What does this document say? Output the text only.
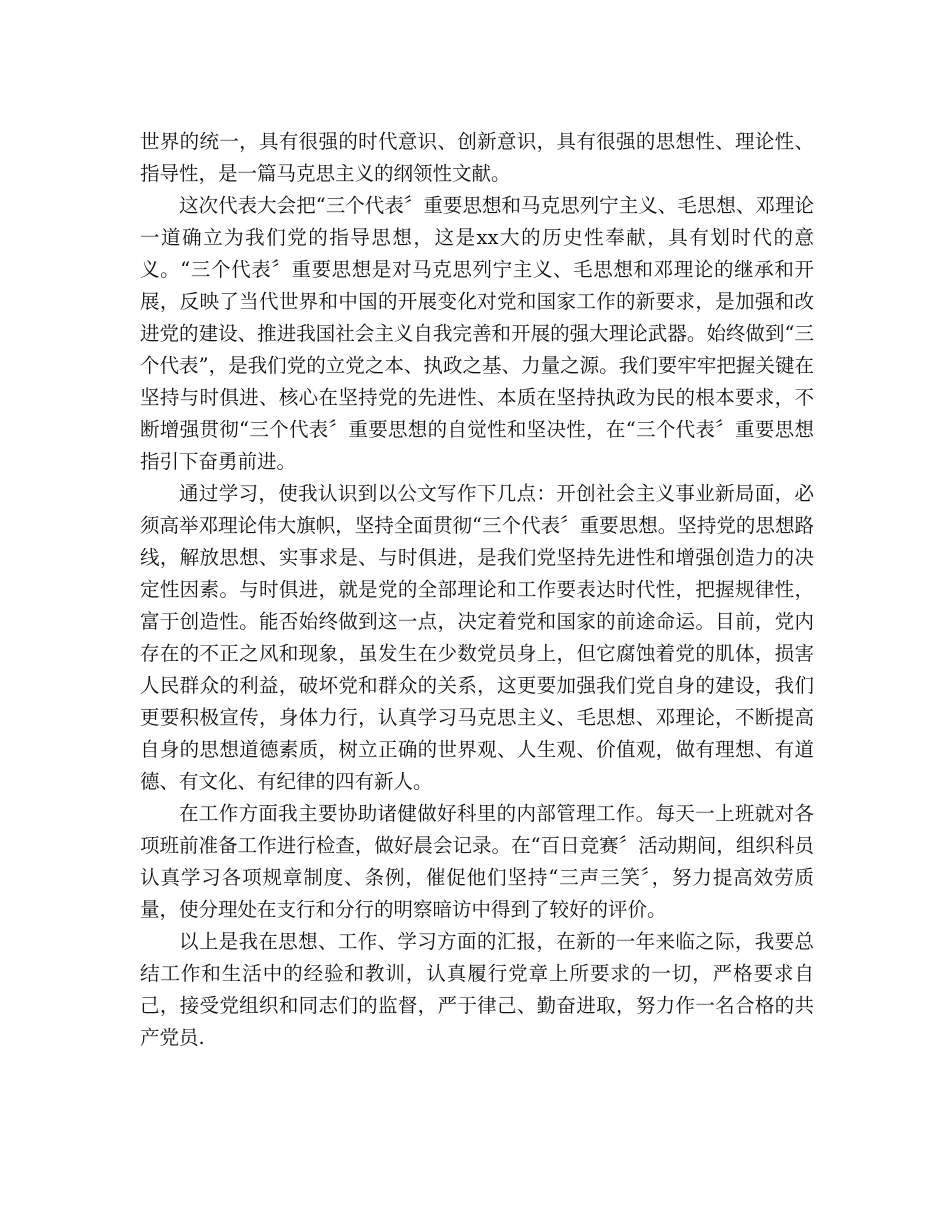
世界的统一，具有很强的时代意识、创新意识，具有很强的思想性、理论性、指导性，是一篇马克思主义的纲领性文献。

这次代表大会把“三个代表〞重要思想和马克思列宁主义、毛思想、邓理论一道确立为我们党的指导思想，这是xx大的历史性奉献，具有划时代的意义。“三个代表〞重要思想是对马克思列宁主义、毛思想和邓理论的继承和开展，反映了当代世界和中国的开展变化对党和国家工作的新要求，是加强和改进党的建设、推进我国社会主义自我完善和开展的强大理论武器。始终做到“三个代表”，是我们党的立党之本、执政之基、力量之源。我们要牢牢把握关键在坚持与时俱进、核心在坚持党的先进性、本质在坚持执政为民的根本要求，不断增强贯彻“三个代表〞重要思想的自觉性和坚决性，在“三个代表〞重要思想指引下奋勇前进。

通过学习，使我认识到以公文写作下几点：开创社会主义事业新局面，必须高举邓理论伟大旗帜，坚持全面贯彻“三个代表〞重要思想。坚持党的思想路线，解放思想、实事求是、与时俱进，是我们党坚持先进性和增强创造力的决定性因素。与时俱进，就是党的全部理论和工作要表达时代性，把握规律性，富于创造性。能否始终做到这一点，决定着党和国家的前途命运。目前，党内存在的不正之风和现象，虽发生在少数党员身上，但它腐蚀着党的肌体，损害人民群众的利益，破坏党和群众的关系，这更要加强我们党自身的建设，我们更要积极宣传，身体力行，认真学习马克思主义、毛思想、邓理论，不断提高自身的思想道德素质，树立正确的世界观、人生观、价值观，做有理想、有道德、有文化、有纪律的四有新人。

在工作方面我主要协助诸健做好科里的内部管理工作。每天一上班就对各项班前准备工作进行检查，做好晨会记录。在“百日竞赛〞活动期间，组织科员认真学习各项规章制度、条例，催促他们坚持“三声三笑〞，努力提高效劳质量，使分理处在支行和分行的明察暗访中得到了较好的评价。

以上是我在思想、工作、学习方面的汇报，在新的一年来临之际，我要总结工作和生活中的经验和教训，认真履行党章上所要求的一切，严格要求自己，接受党组织和同志们的监督，严于律己、勤奋进取，努力作一名合格的共产党员.
